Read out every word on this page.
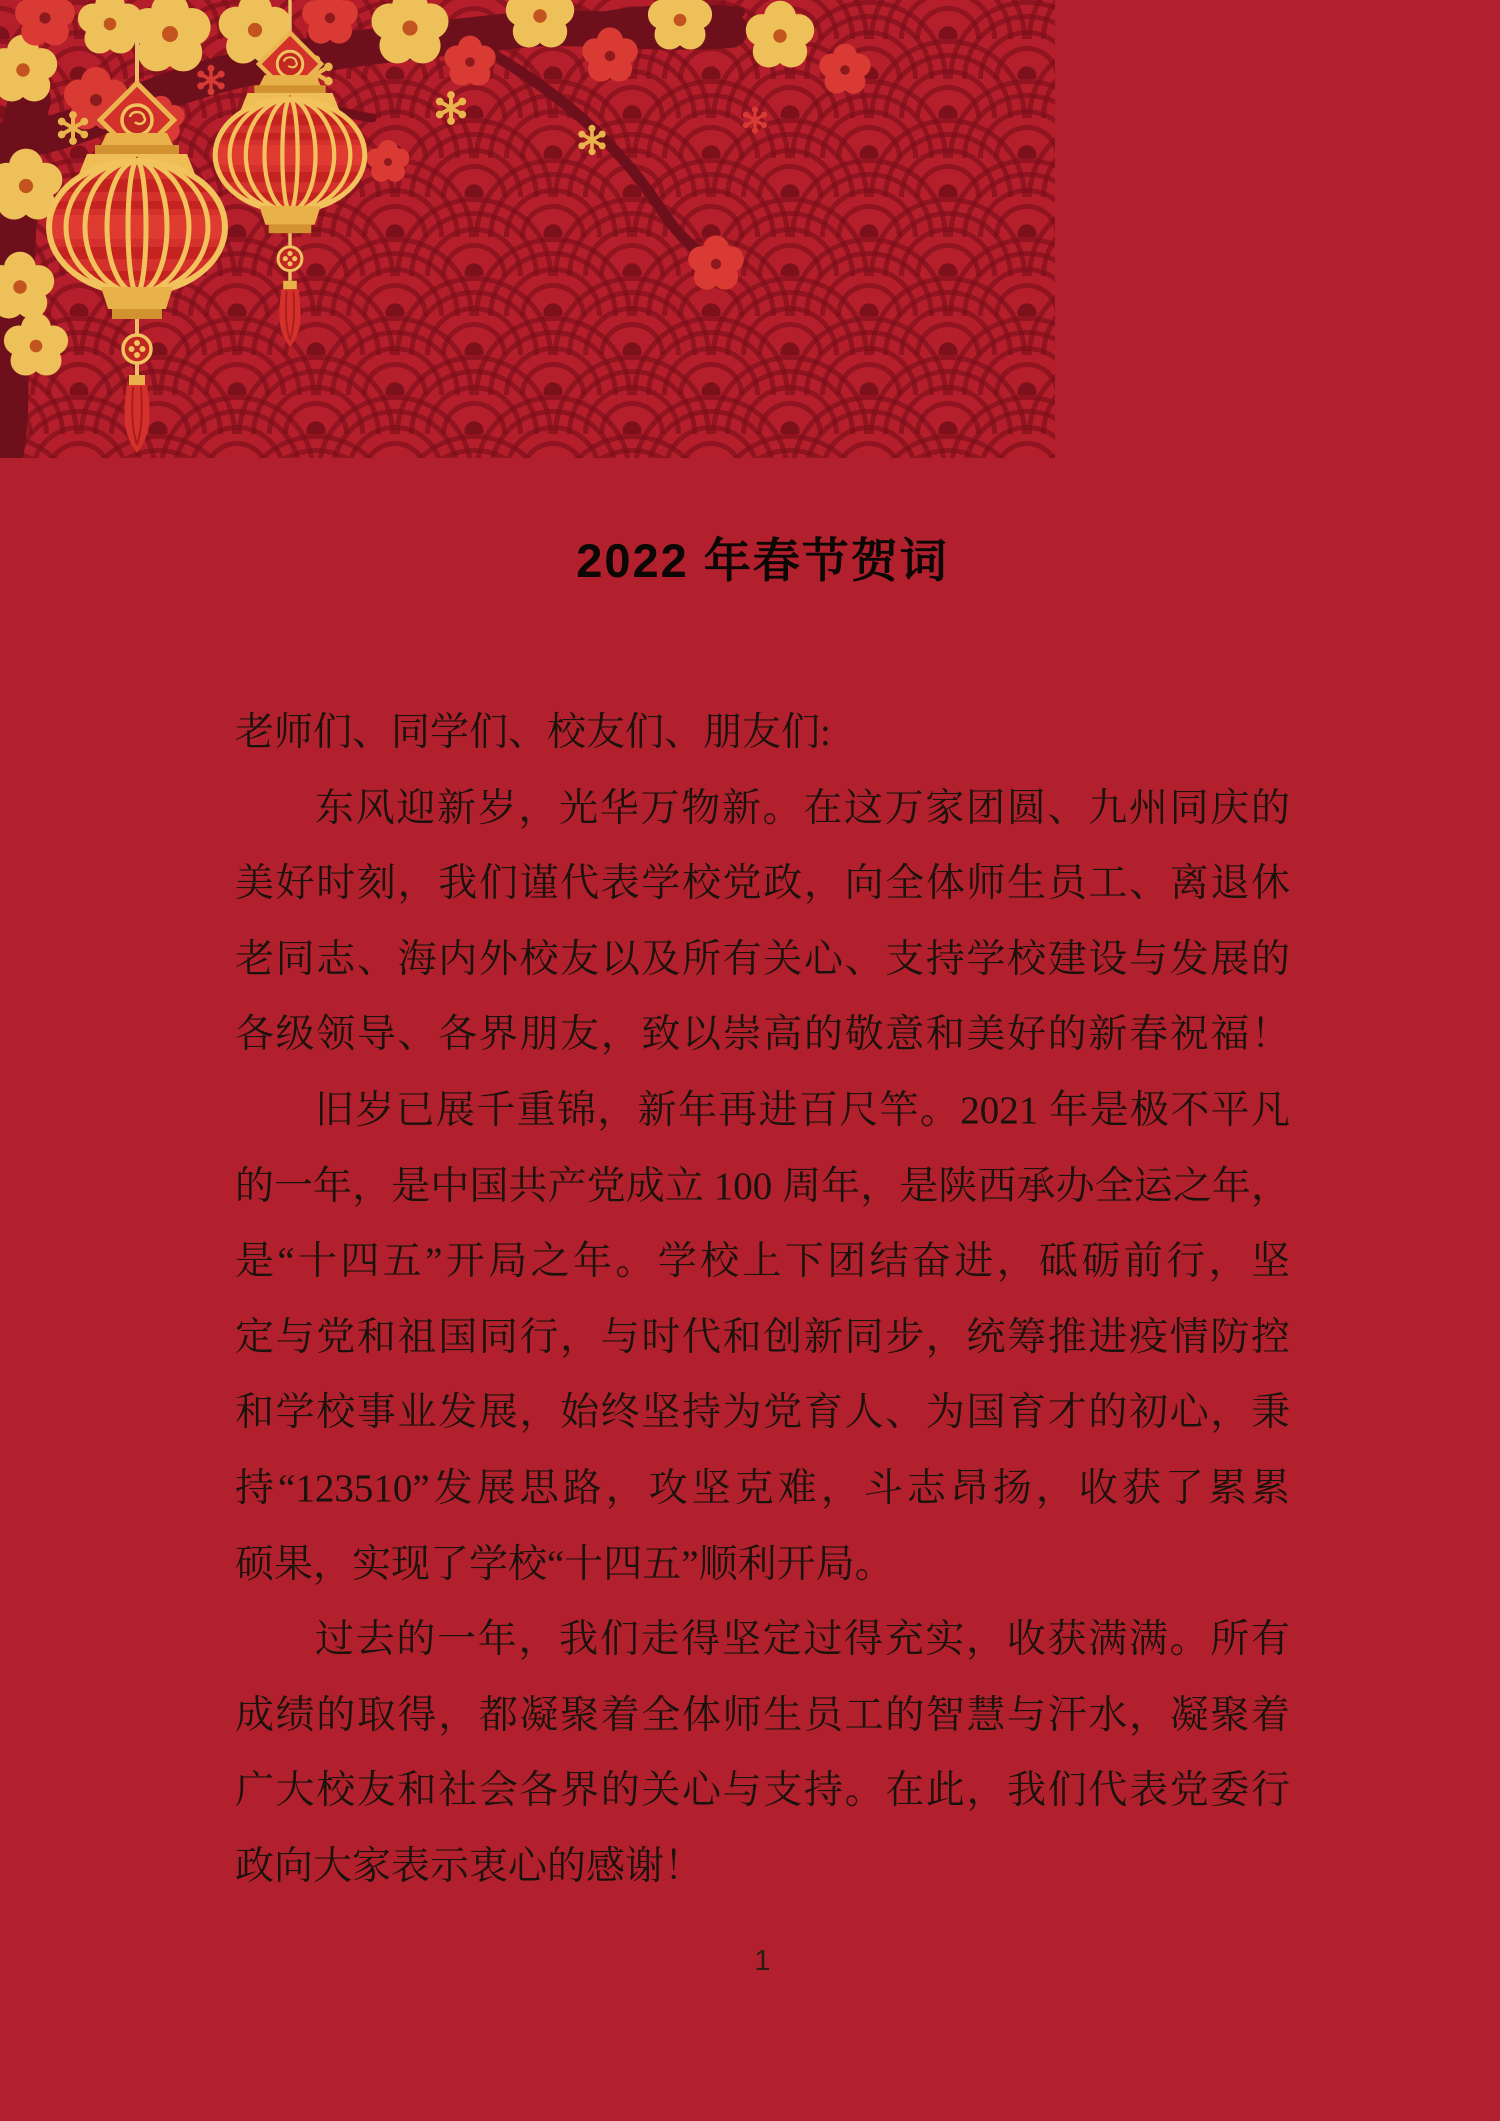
2022 年春节贺词
老师们、同学们、校友们、朋友们:
东风迎新岁，光华万物新。在这万家团圆、九州同庆的
美好时刻，我们谨代表学校党政，向全体师生员工、离退休
老同志、海内外校友以及所有关心、支持学校建设与发展的
各级领导、各界朋友，致以崇高的敬意和美好的新春祝福！
旧岁已展千重锦，新年再进百尺竿。2021 年是极不平凡
的一年，是中国共产党成立 100 周年，是陕西承办全运之年，
是“十四五”开局之年。学校上下团结奋进，砥砺前行，坚
定与党和祖国同行，与时代和创新同步，统筹推进疫情防控
和学校事业发展，始终坚持为党育人、为国育才的初心，秉
持“123510”发展思路，攻坚克难，斗志昂扬，收获了累累
硕果，实现了学校“十四五”顺利开局。
过去的一年，我们走得坚定过得充实，收获满满。所有
成绩的取得，都凝聚着全体师生员工的智慧与汗水，凝聚着
广大校友和社会各界的关心与支持。在此，我们代表党委行
政向大家表示衷心的感谢！
1
